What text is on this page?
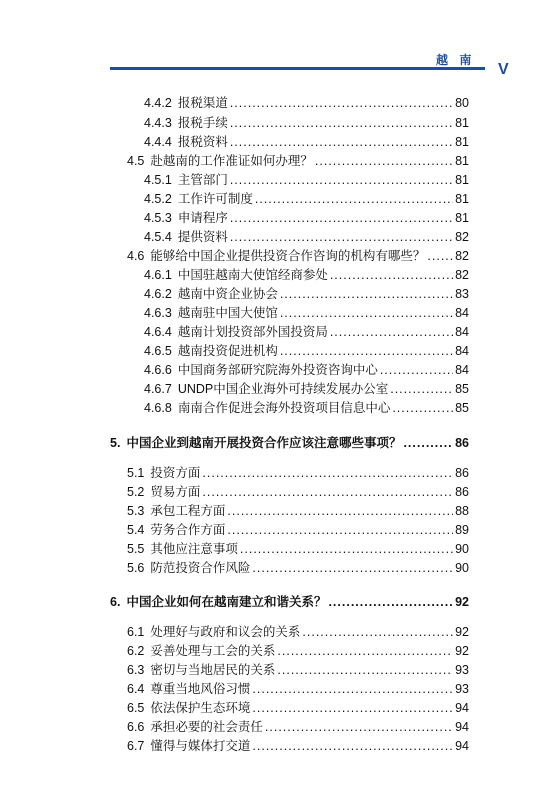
越 南
V
4.4.2 报税渠道 .....	80
4.4.3 报税手续 .....	81
4.4.4 报税资料 .....	81
4.5 赴越南的工作准证如何办理？ .....	81
4.5.1 主管部门 .....	81
4.5.2 工作许可制度 .....	81
4.5.3 申请程序 .....	81
4.5.4 提供资料 .....	82
4.6 能够给中国企业提供投资合作咨询的机构有哪些？ ..... 82
4.6.1 中国驻越南大使馆经商参处 .....	82
4.6.2 越南中资企业协会 .....	83
4.6.3 越南驻中国大使馆 .....	84
4.6.4 越南计划投资部外国投资局 .....	84
4.6.5 越南投资促进机构 .....	84
4.6.6 中国商务部研究院海外投资咨询中心 .....	84
4.6.7 UNDP中国企业海外可持续发展办公室 .....	85
4.6.8 南南合作促进会海外投资项目信息中心 .....	85
5. 中国企业到越南开展投资合作应该注意哪些事项？ .....	86
5.1 投资方面 .....	86
5.2 贸易方面 .....	86
5.3 承包工程方面 .....	88
5.4 劳务合作方面 .....	89
5.5 其他应注意事项 .....	90
5.6 防范投资合作风险 .....	90
6. 中国企业如何在越南建立和谐关系？ .....	92
6.1 处理好与政府和议会的关系 .....	92
6.2 妥善处理与工会的关系 .....	92
6.3 密切与当地居民的关系 .....	93
6.4 尊重当地风俗习惯 .....	93
6.5 依法保护生态环境 .....	94
6.6 承担必要的社会责任 .....	94
6.7 懂得与媒体打交道 .....	94
